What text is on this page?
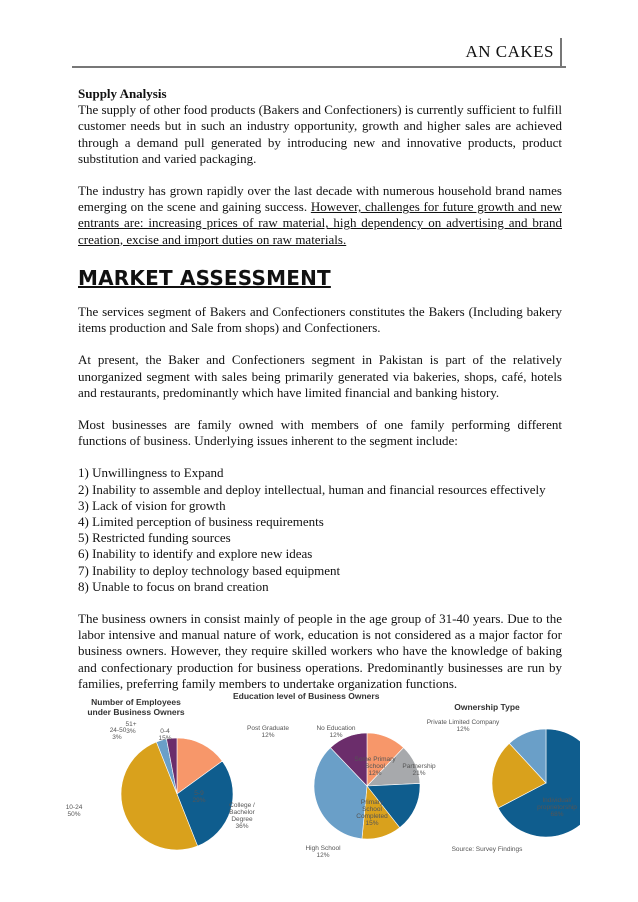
AN CAKES

Supply Analysis

The supply of other food products (Bakers and Confectioners) is currently sufficient to fulfill customer needs but in such an industry opportunity, growth and higher sales are achieved through a demand pull generated by introducing new and innovative products, product substitution and varied packaging.

The industry has grown rapidly over the last decade with numerous household brand names emerging on the scene and gaining success. However, challenges for future growth and new entrants are: increasing prices of raw material, high dependency on advertising and brand creation, excise and import duties on raw materials.

MARKET ASSESSMENT

The services segment of Bakers and Confectioners constitutes the Bakers (Including bakery items production and Sale from shops) and Confectioners.

At present, the Baker and Confectioners segment in Pakistan is part of the relatively unorganized segment with sales being primarily generated via bakeries, shops, café, hotels and restaurants, predominantly which have limited financial and banking history.

Most businesses are family owned with members of one family performing different functions of business. Underlying issues inherent to the segment include:

1) Unwillingness to Expand
2) Inability to assemble and deploy intellectual, human and financial resources effectively
3) Lack of vision for growth
4) Limited perception of business requirements
5) Restricted funding sources
6) Inability to identify and explore new ideas
7) Inability to deploy technology based equipment
8) Unable to focus on brand creation

The business owners in consist mainly of people in the age group of 31-40 years. Due to the labor intensive and manual nature of work, education is not considered as a major factor for business owners. However, they require skilled workers who have the knowledge of baking and confectionary production for business operations. Predominantly businesses are run by families, preferring family members to undertake organization functions.

Number of Employees
under Business Owners
0-4
15%
5-9
29%
10-24
50%
24-50
3%
51+
3%
Education level of Business Owners
No Education
12%
Post Graduate
12%
Some Primary
School
12%
Primary
School
Completed
15%
High School
12%
College /
Bachelor
Degree
36%
Ownership Type
Private Limited Company
12%
Partnership
21%
Individual/
proprietorship
68%
Source: Survey Findings
